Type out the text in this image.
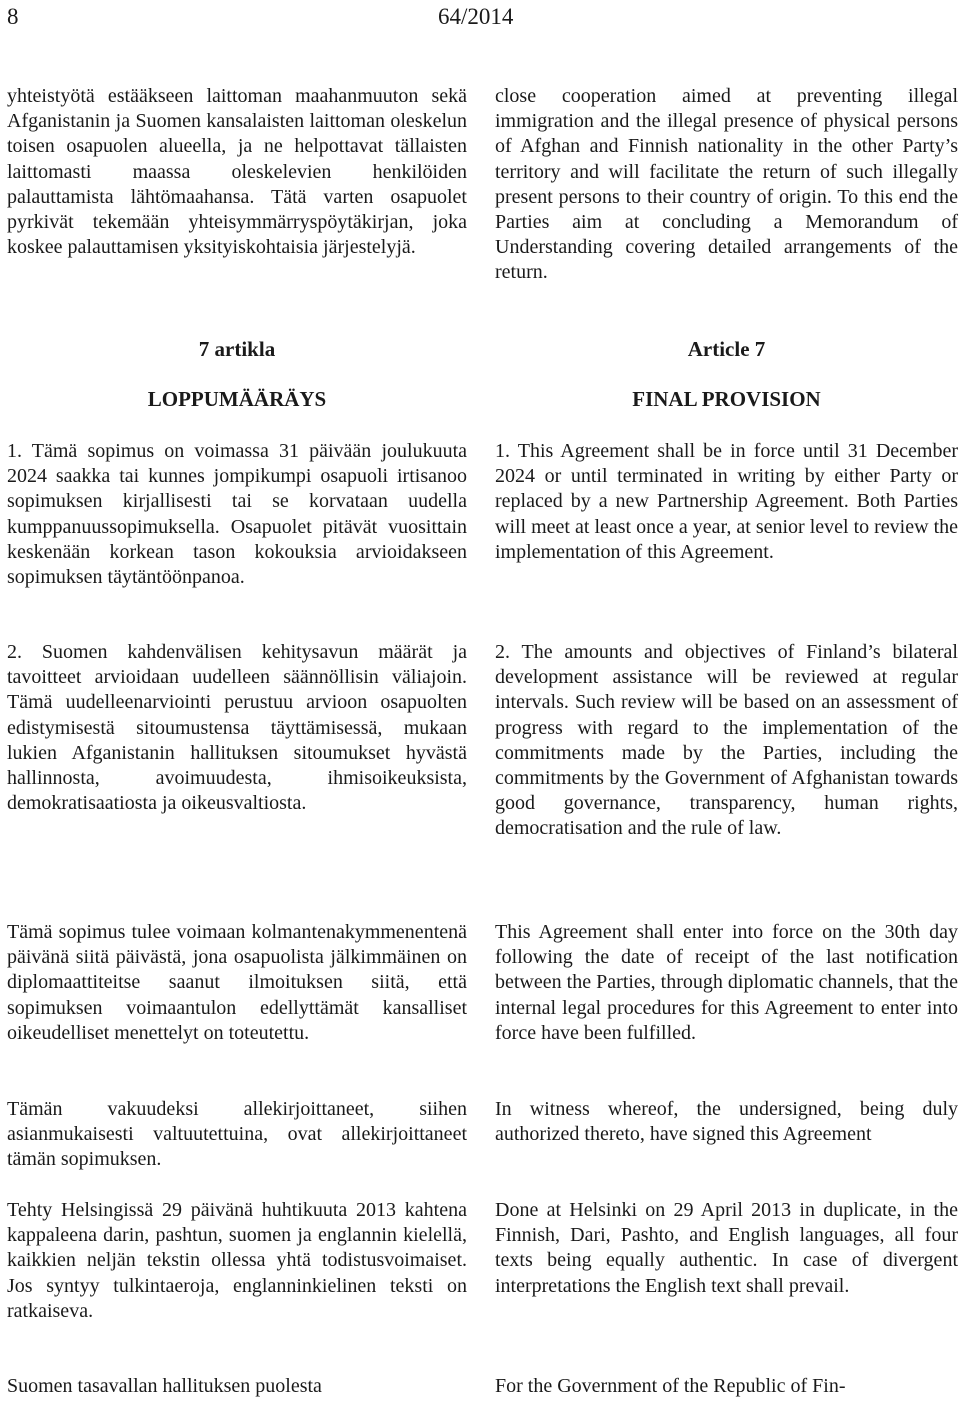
8	64/2014

yhteistyötä estääkseen laittoman maahanmuuton sekä Afganistanin ja Suomen kansalaisten laittoman oleskelun toisen osapuolen alueella, ja ne helpottavat tällaisten laittomasti maassa oleskelevien henkilöiden palauttamista lähtömaahansa. Tätä varten osapuolet pyrkivät tekemään yhteisymmärryspöytäkirjan, joka koskee palauttamisen yksityiskohtaisia järjestelyjä.

7 artikla
LOPPUMÄÄRÄYS

1. Tämä sopimus on voimassa 31 päivään joulukuuta 2024 saakka tai kunnes jompikumpi osapuoli irtisanoo sopimuksen kirjallisesti tai se korvataan uudella kumppanuussopimuksella. Osapuolet pitävät vuosittain keskenään korkean tason kokouksia arvioidakseen sopimuksen täytäntöönpanoa.

2. Suomen kahdenvälisen kehitysavun määrät ja tavoitteet arvioidaan uudelleen säännöllisin väliajoin. Tämä uudelleenarviointi perustuu arvioon osapuolten edistymisestä sitoumustensa täyttämisessä, mukaan lukien Afganistanin hallituksen sitoumukset hyvästä hallinnosta, avoimuudesta, ihmisoikeuksista, demokratisaatiosta ja oikeusvaltiosta.

Tämä sopimus tulee voimaan kolmantenakymmenentenä päivänä siitä päivästä, jona osapuolista jälkimmäinen on diplomaattiteitse saanut ilmoituksen siitä, että sopimuksen voimaantulon edellyttämät kansalliset oikeudelliset menettelyt on toteutettu.

Tämän vakuudeksi allekirjoittaneet, siihen asianmukaisesti valtuutettuina, ovat allekirjoittaneet tämän sopimuksen.

Tehty Helsingissä 29 päivänä huhtikuuta 2013 kahtena kappaleena darin, pashtun, suomen ja englannin kielellä, kaikkien neljän tekstin ollessa yhtä todistusvoimaiset. Jos syntyy tulkintaeroja, englanninkielinen teksti on ratkaiseva.

Suomen tasavallan hallituksen puolesta

close cooperation aimed at preventing illegal immigration and the illegal presence of physical persons of Afghan and Finnish nationality in the other Party’s territory and will facilitate the return of such illegally present persons to their country of origin. To this end the Parties aim at concluding a Memorandum of Understanding covering detailed arrangements of the return.

Article 7
FINAL PROVISION

1. This Agreement shall be in force until 31 December 2024 or until terminated in writing by either Party or replaced by a new Partnership Agreement. Both Parties will meet at least once a year, at senior level to review the implementation of this Agreement.

2. The amounts and objectives of Finland’s bilateral development assistance will be reviewed at regular intervals. Such review will be based on an assessment of progress with regard to the implementation of the commitments made by the Parties, including the commitments by the Government of Afghanistan towards good governance, transparency, human rights, democratisation and the rule of law.

This Agreement shall enter into force on the 30th day following the date of receipt of the last notification between the Parties, through diplomatic channels, that the internal legal procedures for this Agreement to enter into force have been fulfilled.

In witness whereof, the undersigned, being duly authorized thereto, have signed this Agreement

Done at Helsinki on 29 April 2013 in duplicate, in the Finnish, Dari, Pashto, and English languages, all four texts being equally authentic. In case of divergent interpretations the English text shall prevail.

For the Government of the Republic of Fin-
